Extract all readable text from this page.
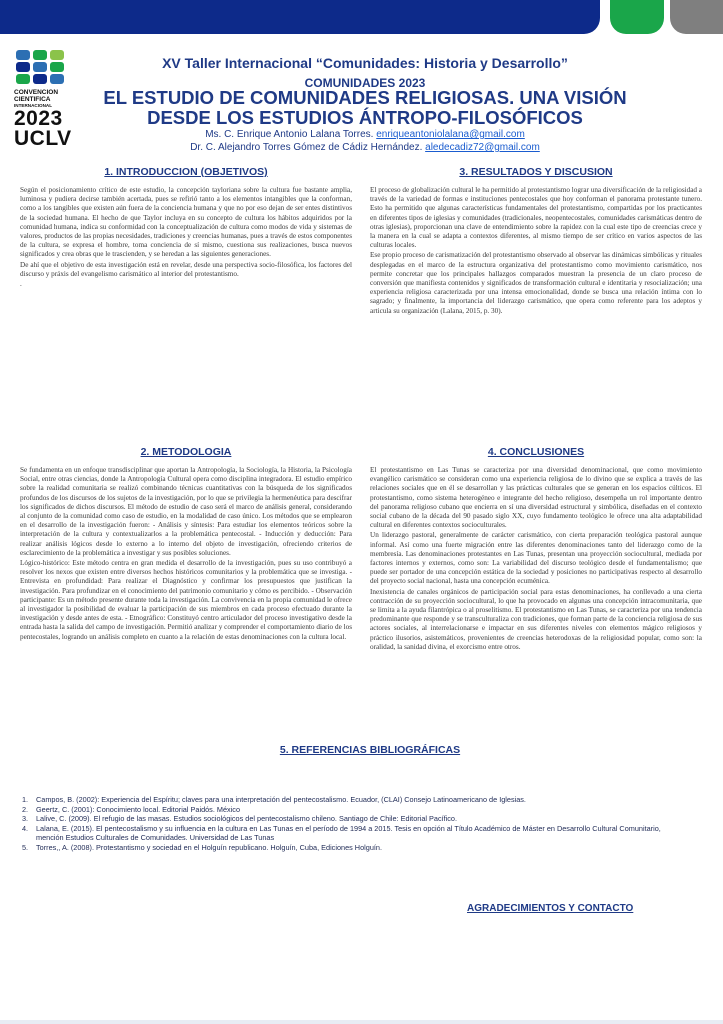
CONVENCION
CIENTIFICA
INTERNACIONAL
2023
UCLV
XV Taller Internacional “Comunidades: Historia y Desarrollo”
COMUNIDADES 2023
EL ESTUDIO DE COMUNIDADES RELIGIOSAS. UNA VISIÓN
DESDE LOS ESTUDIOS ÁNTROPO-FILOSÓFICOS
Ms. C. Enrique Antonio Lalana Torres. enriqueantoniolalana@gmail.com
Dr. C. Alejandro Torres Gómez de Cádiz Hernández. aledecadiz72@gmail.com
1. INTRODUCCION (OBJETIVOS)

Según el posicionamiento crítico de este estudio, la concepción tayloriana sobre la cultura fue bastante amplia, luminosa y pudiera decirse también acertada, pues se refirió tanto a los elementos intangibles que la conforman, como a los tangibles que existen aún fuera de la conciencia humana y que no por eso dejan de ser entes distintivos de la sociedad humana. El hecho de que Taylor incluya en su concepto de cultura los hábitos adquiridos por la comunidad humana, indica su conformidad con la conceptualización de cultura como modos de vida y sistemas de valores, productos de las propias necesidades, tradiciones y creencias humanas, pues a través de estos componentes de la cultura, se expresa el hombre, toma conciencia de sí mismo, cuestiona sus realizaciones, busca nuevos significados y crea obras que le trascienden, y se heredan a las siguientes generaciones.

De ahí que el objetivo de esta investigación está en revelar, desde una perspectiva socio-filosófica, los factores del discurso y práxis del evangelismo carismático al interior del protestantismo.

.

3. RESULTADOS Y DISCUSION

El proceso de globalización cultural le ha permitido al protestantismo lograr una diversificación de la religiosidad a través de la variedad de formas e instituciones pentecostales que hoy conforman el panorama protestante tunero. Esto ha permitido que algunas características fundamentales del protestantismo, compartidas por los practicantes en diferentes tipos de iglesias y comunidades (tradicionales, neopentecostales, comunidades carismáticas dentro de otras iglesias), proporcionan una clave de entendimiento sobre la rapidez con la cual este tipo de creencias crece y la manera en la cual se adapta a contextos diferentes, al mismo tiempo de ser crítico en varios aspectos de las culturas locales.

Ese propio proceso de carismatización del protestantismo observado al observar las dinámicas simbólicas y rituales desplegadas en el marco de la estructura organizativa del protestantismo como movimiento carismático, nos permite concretar que los principales hallazgos comparados muestran la presencia de un claro proceso de conversión que manifiesta contenidos y significados de transformación cultural e identitaria y resocialización; una experiencia religiosa caracterizada por una intensa emocionalidad, donde se busca una relación íntima con lo sagrado; y finalmente, la importancia del liderazgo carismático, que opera como referente para los adeptos y articula su organización (Lalana, 2015, p. 30).

2. METODOLOGIA

Se fundamenta en un enfoque transdisciplinar que aportan la Antropología, la Sociología, la Historia, la Psicología Social, entre otras ciencias, donde la Antropología Cultural opera como disciplina integradora. El estudio empírico sobre la realidad comunitaria se realizó combinando técnicas cuantitativas con la búsqueda de los significados profundos de los discursos de los sujetos de la investigación, por lo que se privilegia la hermenéutica para descifrar los significados de dichos discursos. El método de estudio de caso será el marco de análisis general, considerando al conjunto de la comunidad como caso de estudio, en la modalidad de caso único. Los métodos que se emplearon en el desarrollo de la investigación fueron: - Análisis y síntesis: Para estudiar los elementos teóricos sobre la interpretación de la cultura y contextualizarlos a la problemática pentecostal. - Inducción y deducción: Para realizar análisis lógicos desde lo externo a lo interno del objeto de investigación, ofreciendo criterios de esclarecimiento de la problemática a investigar y sus posibles soluciones.

Lógico-histórico: Este método centra en gran medida el desarrollo de la investigación, pues su uso contribuyó a resolver los nexos que existen entre diversos hechos históricos comunitarios y la problemática que se investiga. - Entrevista en profundidad: Para realizar el Diagnóstico y confirmar los presupuestos que justifican la investigación. Para profundizar en el conocimiento del patrimonio comunitario y cómo es percibido. - Observación participante: Es un método presente durante toda la investigación. La convivencia en la propia comunidad le ofrece al investigador la posibilidad de evaluar la participación de sus miembros en cada proceso efectuado durante la investigación y desde antes de esta. - Etnográfico: Constituyó centro articulador del proceso investigativo desde la entrada hasta la salida del campo de investigación. Permitió analizar y comprender el comportamiento diario de los pentecostales, logrando un análisis completo en cuanto a la relación de estas denominaciones con la cultura local.

4. CONCLUSIONES

El protestantismo en Las Tunas se caracteriza por una diversidad denominacional, que como movimiento evangélico carismático se consideran como una experiencia religiosa de lo divino que se explica a través de las relaciones sociales que en él se desarrollan y las prácticas culturales que se generan en los espacios cúlticos. El protestantismo, como sistema heterogéneo e integrante del hecho religioso, desempeña un rol importante dentro del panorama religioso cubano que encierra en sí una diversidad estructural y simbólica, diseñadas en el contexto social cubano de la década del 90 pasado siglo XX, cuyo fundamento teológico le ofrece una alta adaptabilidad cultural en diferentes contextos socioculturales.

Un liderazgo pastoral, generalmente de carácter carismático, con cierta preparación teológica pastoral aunque informal. Así como una fuerte migración entre las diferentes denominaciones tanto del liderazgo como de la membresía. Las denominaciones protestantes en Las Tunas, presentan una proyección sociocultural, mediada por factores internos y externos, como son: La variabilidad del discurso teológico desde el fundamentalismo; que puede ser portador de una concepción estática de la sociedad y posiciones no participativas respecto al desarrollo del proyecto social nacional, hasta una concepción ecuménica.

Inexistencia de canales orgánicos de participación social para estas denominaciones, ha conllevado a una cierta contracción de su proyección sociocultural, lo que ha provocado en algunas una concepción intracomunitaria, que se limita a la ayuda filantrópica o al proselitismo. El protestantismo en Las Tunas, se caracteriza por una tendencia predominante que responde y se transculturaliza con tradiciones, que forman parte de la conciencia religiosa de sus actores sociales, al interrelacionarse e impactar en sus diferentes niveles con elementos mágico religiosos y práctico ilusorios, asistemáticos, provenientes de creencias heterodoxas de la religiosidad popular, como son: la oralidad, la sanidad divina, el exorcismo entre otros.

5. REFERENCIAS BIBLIOGRÁFICAS
1.	Campos, B. (2002): Experiencia del Espíritu; claves para una interpretación del pentecostalismo. Ecuador, (CLAI) Consejo Latinoamericano de Iglesias.
2.	Geertz, C. (2001): Conocimiento local. Editorial Paidós. México
3.	Lalive, C. (2009). El refugio de las masas. Estudios sociológicos del pentecostalismo chileno. Santiago de Chile: Editorial Pacífico.
4.	Lalana, E. (2015). El pentecostalismo y su influencia en la cultura en Las Tunas en el período de 1994 a 2015. Tesis en opción al Título Académico de Máster en Desarrollo Cultural Comunitario, mención Estudios Culturales de Comunidades. Universidad de Las Tunas
5.	Torres,, A. (2008). Protestantismo y sociedad en el Holguín republicano. Holguín, Cuba, Ediciones Holguín.
AGRADECIMIENTOS Y CONTACTO
